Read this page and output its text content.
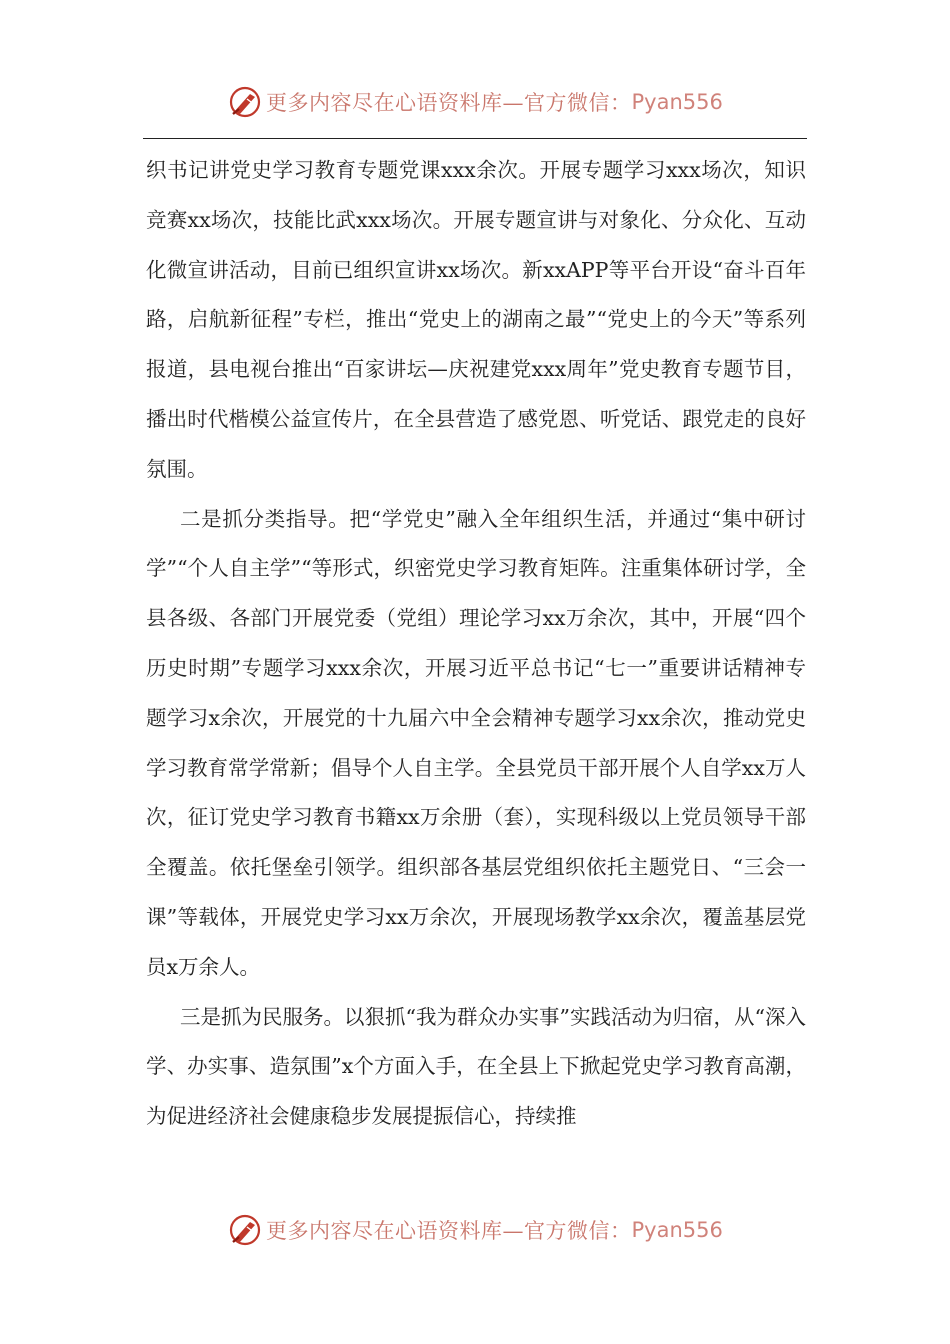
更多内容尽在心语资料库—官方微信： Pyan556

织书记讲党史学习教育专题党课xxx余次。开展专题学习xxx场次，知识竞赛xx场次，技能比武xxx场次。开展专题宣讲与对象化、分众化、互动化微宣讲活动，目前已组织宣讲xx场次。新xxAPP等平台开设“奋斗百年路，启航新征程”专栏，推出“党史上的湖南之最”“党史上的今天”等系列报道，县电视台推出“百家讲坛—庆祝建党xxx周年”党史教育专题节目，播出时代楷模公益宣传片，在全县营造了感党恩、听党话、跟党走的良好氛围。

二是抓分类指导。把“学党史”融入全年组织生活，并通过“集中研讨学”“个人自主学”“等形式，织密党史学习教育矩阵。注重集体研讨学，全县各级、各部门开展党委（党组）理论学习xx万余次，其中，开展“四个历史时期”专题学习xxx余次，开展习近平总书记“七一”重要讲话精神专题学习x余次，开展党的十九届六中全会精神专题学习xx余次，推动党史学习教育常学常新；倡导个人自主学。全县党员干部开展个人自学xx万人次，征订党史学习教育书籍xx万余册（套），实现科级以上党员领导干部全覆盖。依托堡垒引领学。组织部各基层党组织依托主题党日、“三会一课”等载体，开展党史学习xx万余次，开展现场教学xx余次，覆盖基层党员x万余人。

三是抓为民服务。以狠抓“我为群众办实事”实践活动为归宿，从“深入学、办实事、造氛围”x个方面入手，在全县上下掀起党史学习教育高潮，为促进经济社会健康稳步发展提振信心，持续推

更多内容尽在心语资料库—官方微信： Pyan556
